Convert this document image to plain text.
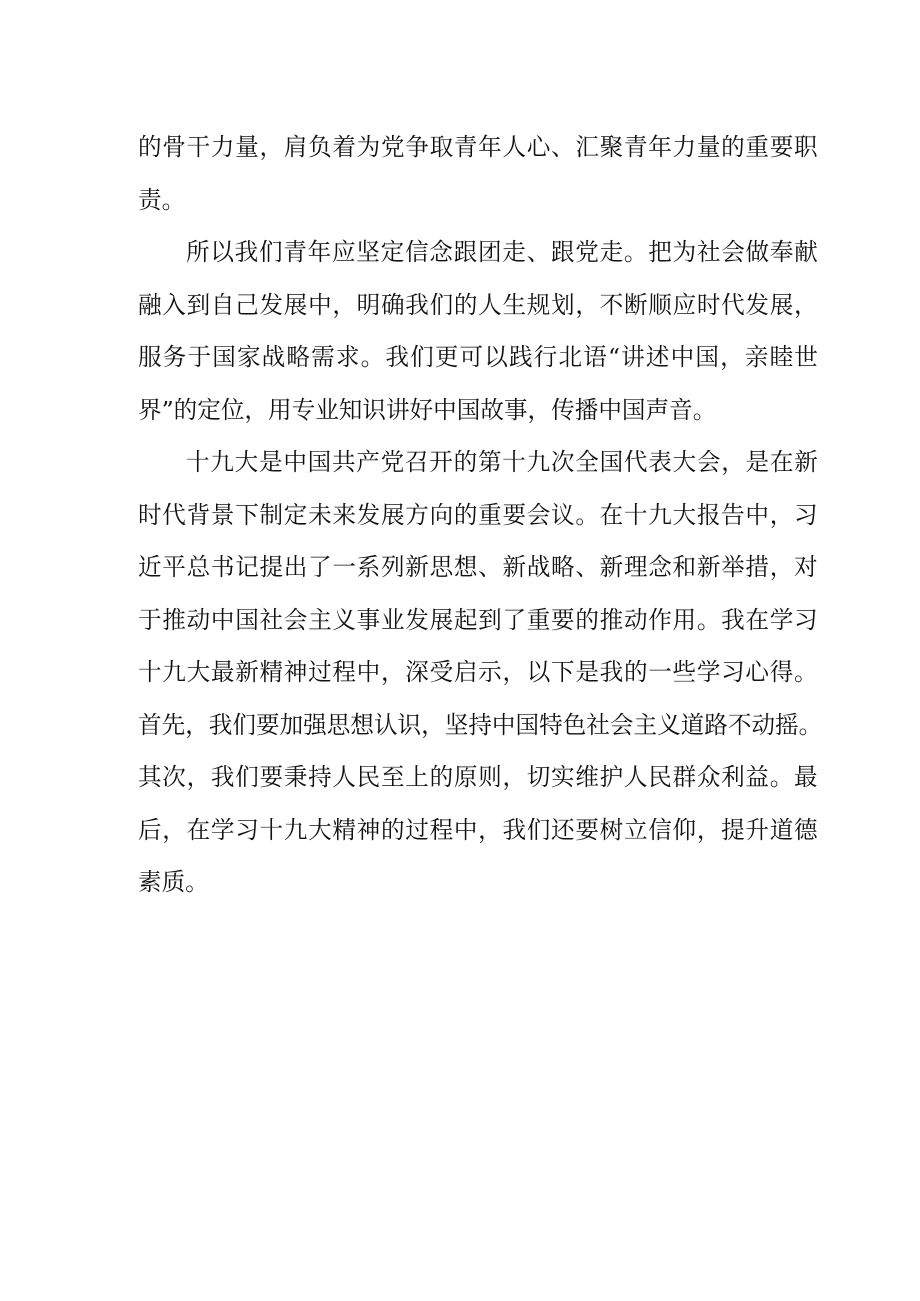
的 骨 干 力 量 ， 肩 负 着 为 党 争 取 青 年 人 心 、 汇 聚 青 年 力 量 的 重 要 职
责。
所 以 我 们 青 年 应 坚 定 信 念 跟 团 走 、 跟 党 走 。 把 为 社 会 做 奉 献
融 入 到 自 己 发 展 中 ， 明 确 我 们 的 人 生 规 划 ， 不 断 顺 应 时 代 发 展 ，
服 务 于 国 家 战 略 需 求 。 我 们 更 可 以 践 行 北 语 “ 讲 述 中 国 ， 亲 睦 世
界”的定位，用专业知识讲好中国故事，传播中国声音。
十 九 大 是 中 国 共 产 党 召 开 的 第 十 九 次 全 国 代 表 大 会 ， 是 在 新
时 代 背 景 下 制 定 未 来 发 展 方 向 的 重 要 会 议 。 在 十 九 大 报 告 中 ， 习
近 平 总 书 记 提 出 了 一 系 列 新 思 想 、 新 战 略 、 新 理 念 和 新 举 措 ， 对
于 推 动 中 国 社 会 主 义 事 业 发 展 起 到 了 重 要 的 推 动 作 用 。 我 在 学 习
十 九 大 最 新 精 神 过 程 中 ， 深 受 启 示 ， 以 下 是 我 的 一 些 学 习 心 得 。
首 先 ， 我 们 要 加 强 思 想 认 识 ， 坚 持 中 国 特 色 社 会 主 义 道 路 不 动 摇 。
其 次 ， 我 们 要 秉 持 人 民 至 上 的 原 则 ， 切 实 维 护 人 民 群 众 利 益 。 最
后 ， 在 学 习 十 九 大 精 神 的 过 程 中 ， 我 们 还 要 树 立 信 仰 ， 提 升 道 德
素质。
